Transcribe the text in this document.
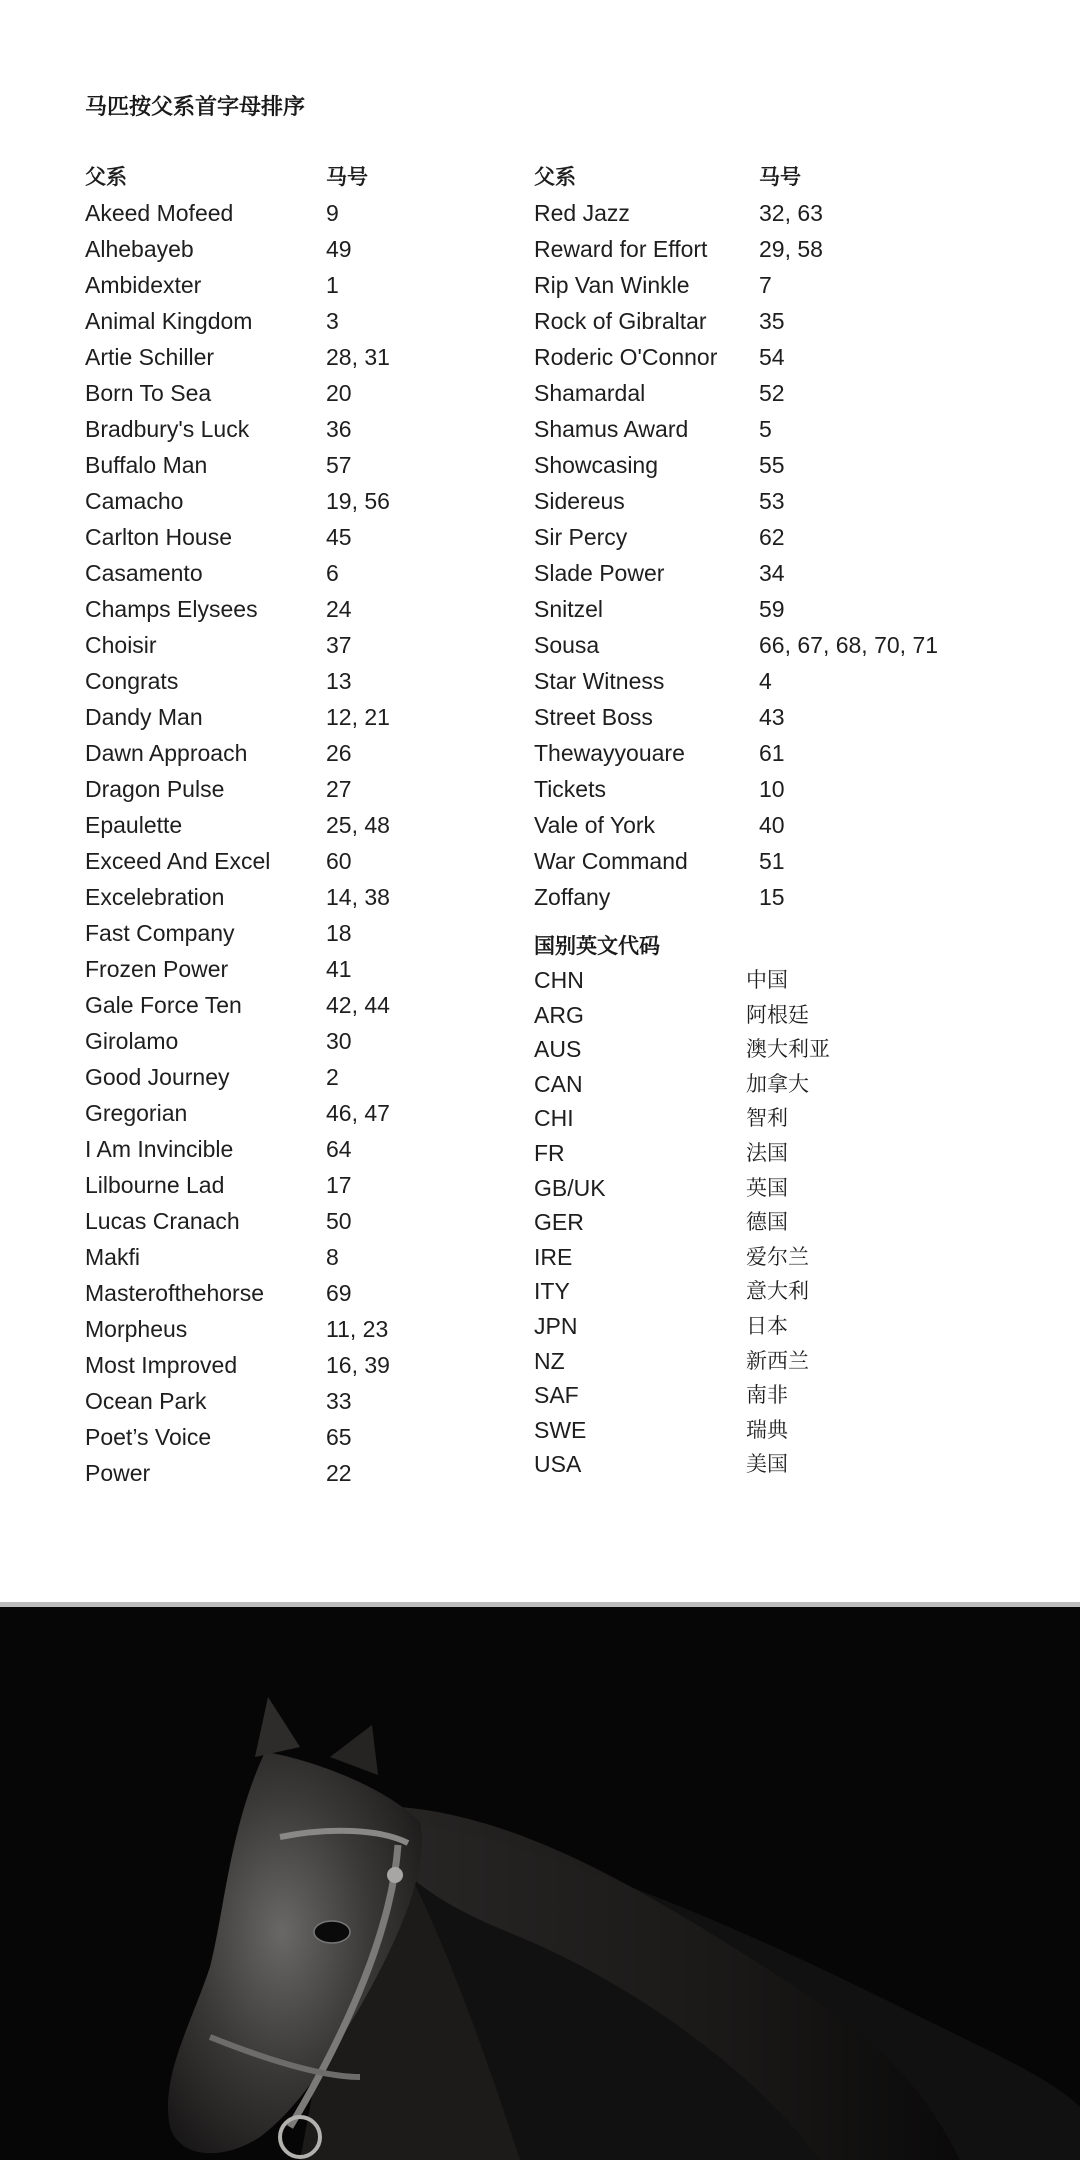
马匹按父系首字母排序
父系	马号
Akeed Mofeed	9
Alhebayeb	49
Ambidexter	1
Animal Kingdom	3
Artie Schiller	28, 31
Born To Sea	20
Bradbury's Luck	36
Buffalo Man	57
Camacho	19, 56
Carlton House	45
Casamento	6
Champs Elysees	24
Choisir	37
Congrats	13
Dandy Man	12, 21
Dawn Approach	26
Dragon Pulse	27
Epaulette	25, 48
Exceed And Excel 60
Excelebration	14, 38
Fast Company	18
Frozen Power	41
Gale Force Ten	42, 44
Girolamo	30
Good Journey	2
Gregorian	46, 47
I Am Invincible	64
Lilbourne Lad	17
Lucas Cranach	50
Makfi	8
Masterofthehorse	69
Morpheus	11, 23
Most Improved	16, 39
Ocean Park	33
Poet’s Voice	65
Power	22
父系	马号
Red Jazz	32, 63
Reward for Effort 29, 58
Rip Van Winkle	7
Rock of Gibraltar 35
Roderic O'Connor 54
Shamardal	52
Shamus Award	5
Showcasing	55
Sidereus	53
Sir Percy	62
Slade Power	34
Snitzel	59
Sousa	66, 67, 68, 70, 71
Star Witness	4
Street Boss	43
Thewayyouare	61
Tickets	10
Vale of York	40
War Command	51
Zoffany	15
国别英文代码
CHN	中国
ARG	阿根廷
AUS	澳大利亚
CAN	加拿大
CHI	智利
FR	法国
GB/UK	英国
GER	德国
IRE	爱尔兰
ITY	意大利
JPN	日本
NZ	新西兰
SAF	南非
SWE	瑞典
USA	美国
